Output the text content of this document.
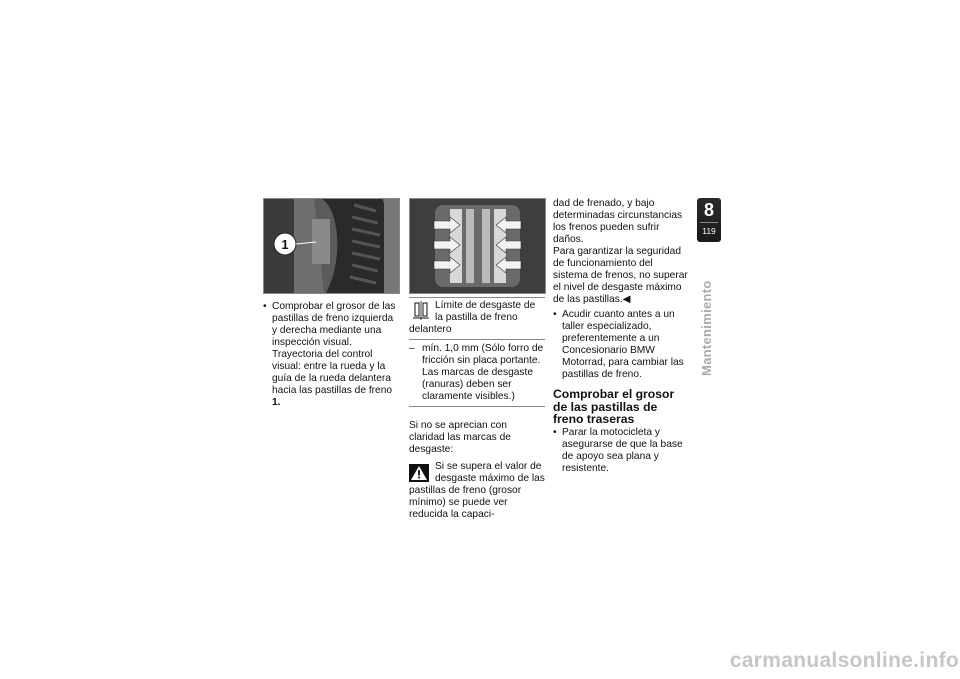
1

• Comprobar el grosor de las pastillas de freno izquierda y derecha mediante una inspección visual. Trayectoria del control visual: entre la rueda y la guía de la rueda delantera hacia las pastillas de freno 1.

Límite de desgaste de la pastilla de freno delantero

– mín. 1,0 mm (Sólo forro de fricción sin placa portante. Las marcas de desgaste (ranuras) deben ser claramente visibles.)

Si no se aprecian con claridad las marcas de desgaste:

Si se supera el valor de desgaste máximo de las pastillas de freno (grosor mínimo) se puede ver reducida la capaci-

dad de frenado, y bajo determinadas circunstancias los frenos pueden sufrir daños.

Para garantizar la seguridad de funcionamiento del sistema de frenos, no superar el nivel de desgaste máximo de las pastillas.◀

• Acudir cuanto antes a un taller especializado, preferentemente a un Concesionario BMW Motorrad, para cambiar las pastillas de freno.

Comprobar el grosor de las pastillas de freno traseras

• Parar la motocicleta y asegurarse de que la base de apoyo sea plana y resistente.

8
119
Mantenimiento
carmanualsonline.info
